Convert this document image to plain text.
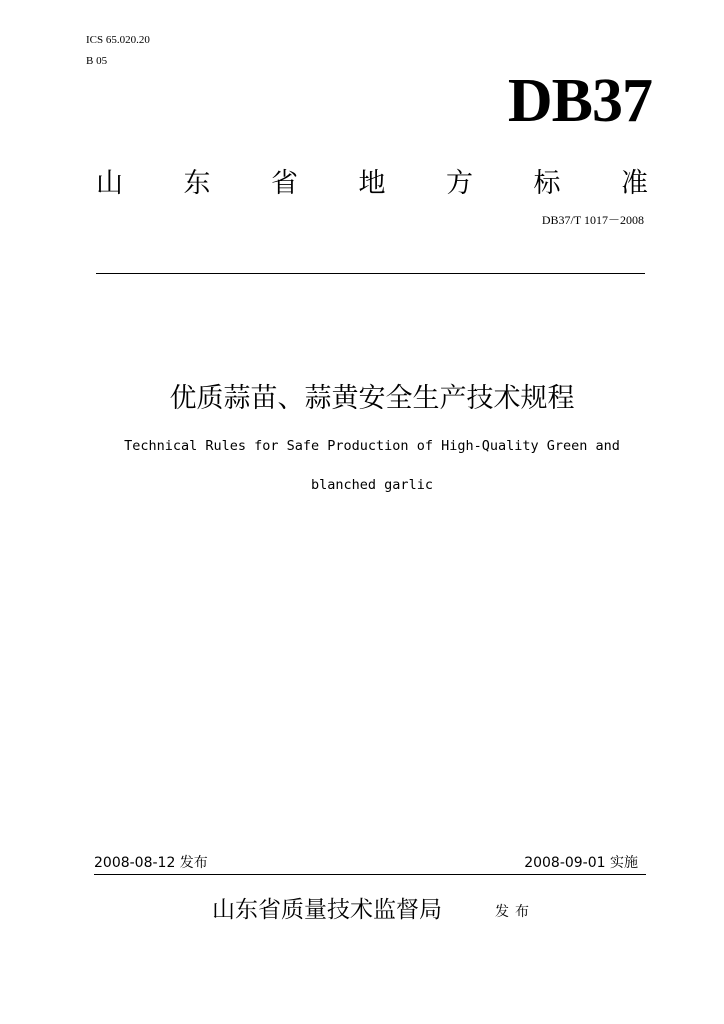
ICS 65.020.20

B 05

DB37

山 东 省 地 方 标 准

DB37/T 1017－2008

优质蒜苗、蒜黄安全生产技术规程

Technical Rules for Safe Production of High-Quality Green and

blanched garlic

2008-08-12 发布	2008-09-01 实施

山东省质量技术监督局	发布
